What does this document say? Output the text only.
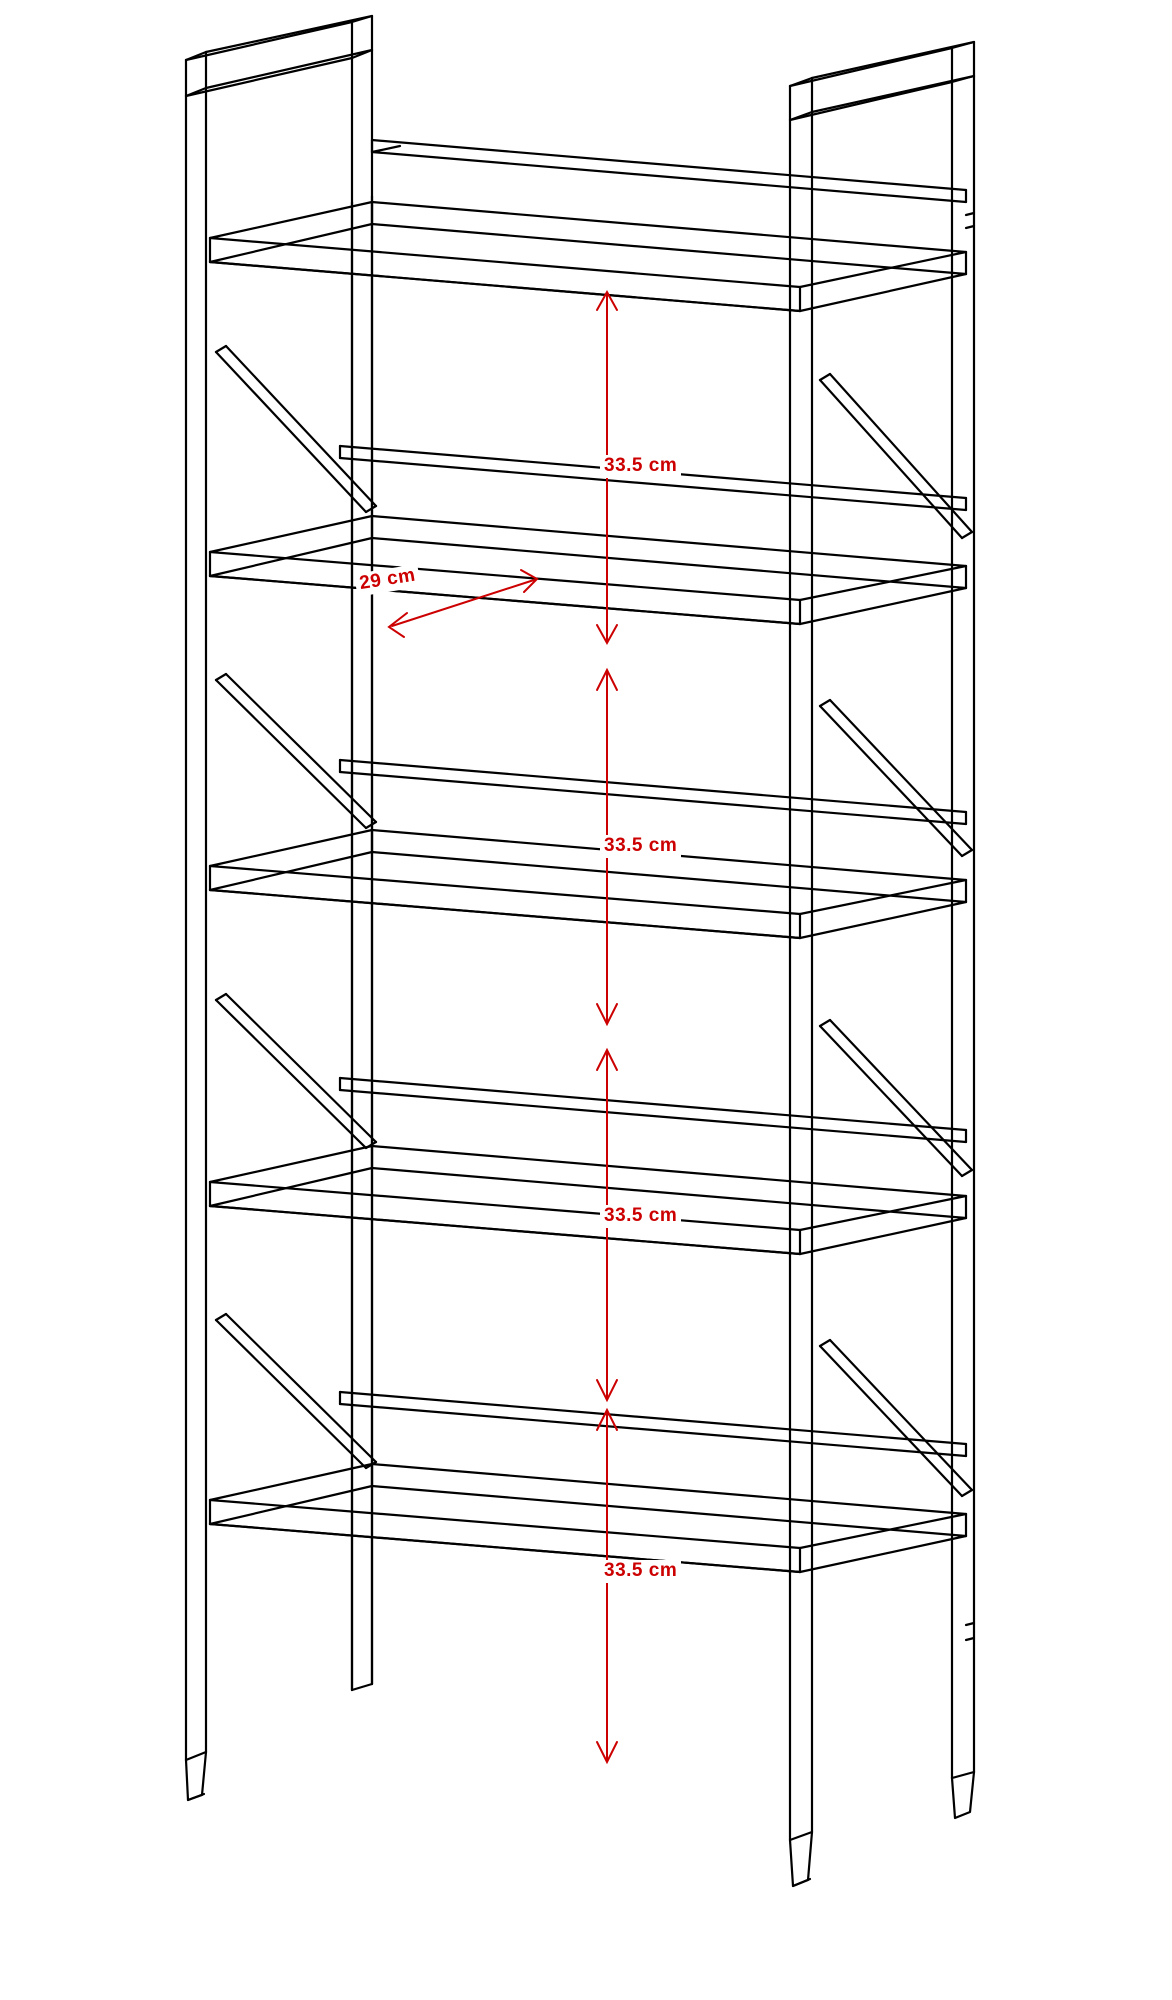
33.5 cm
29 cm
33.5 cm
33.5 cm
33.5 cm
